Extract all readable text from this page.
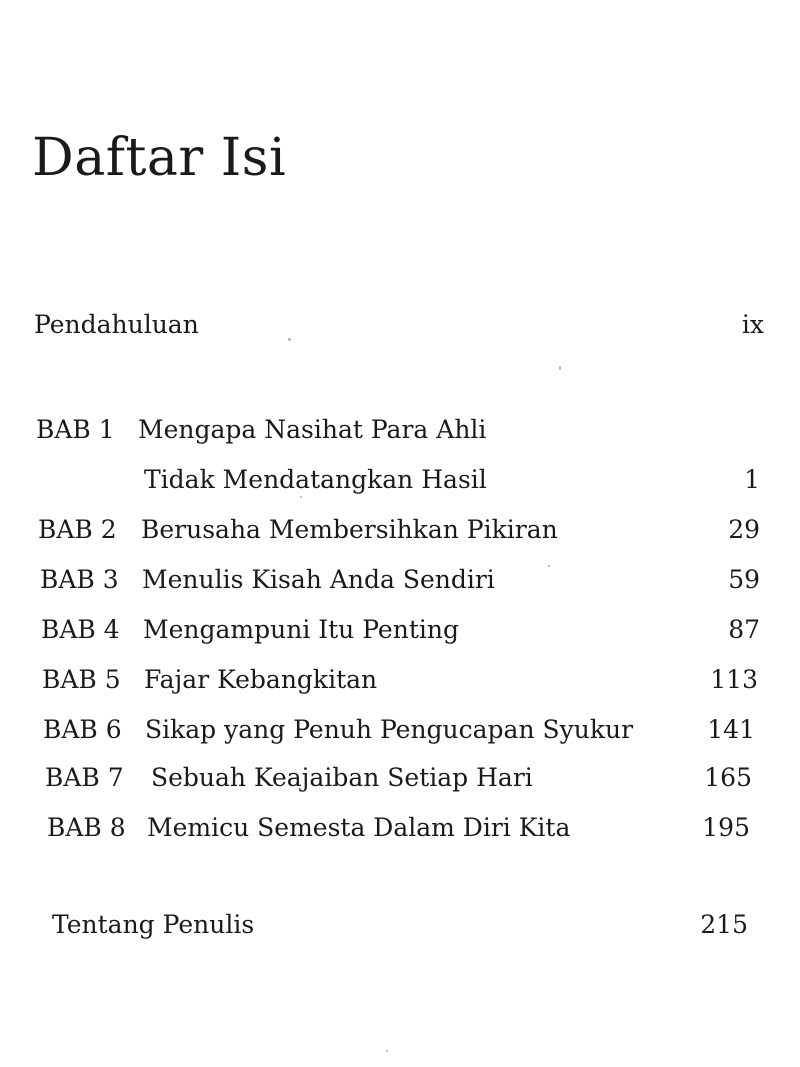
Daftar Isi
Pendahuluan	ix
BAB 1 Mengapa Nasihat Para Ahli
Tidak Mendatangkan Hasil	1
BAB 2 Berusaha Membersihkan Pikiran	29
BAB 3 Menulis Kisah Anda Sendiri	59
BAB 4 Mengampuni Itu Penting	87
BAB 5 Fajar Kebangkitan	113
BAB 6 Sikap yang Penuh Pengucapan Syukur	141
BAB 7 Sebuah Keajaiban Setiap Hari	165
BAB 8 Memicu Semesta Dalam Diri Kita	195
Tentang Penulis	215
